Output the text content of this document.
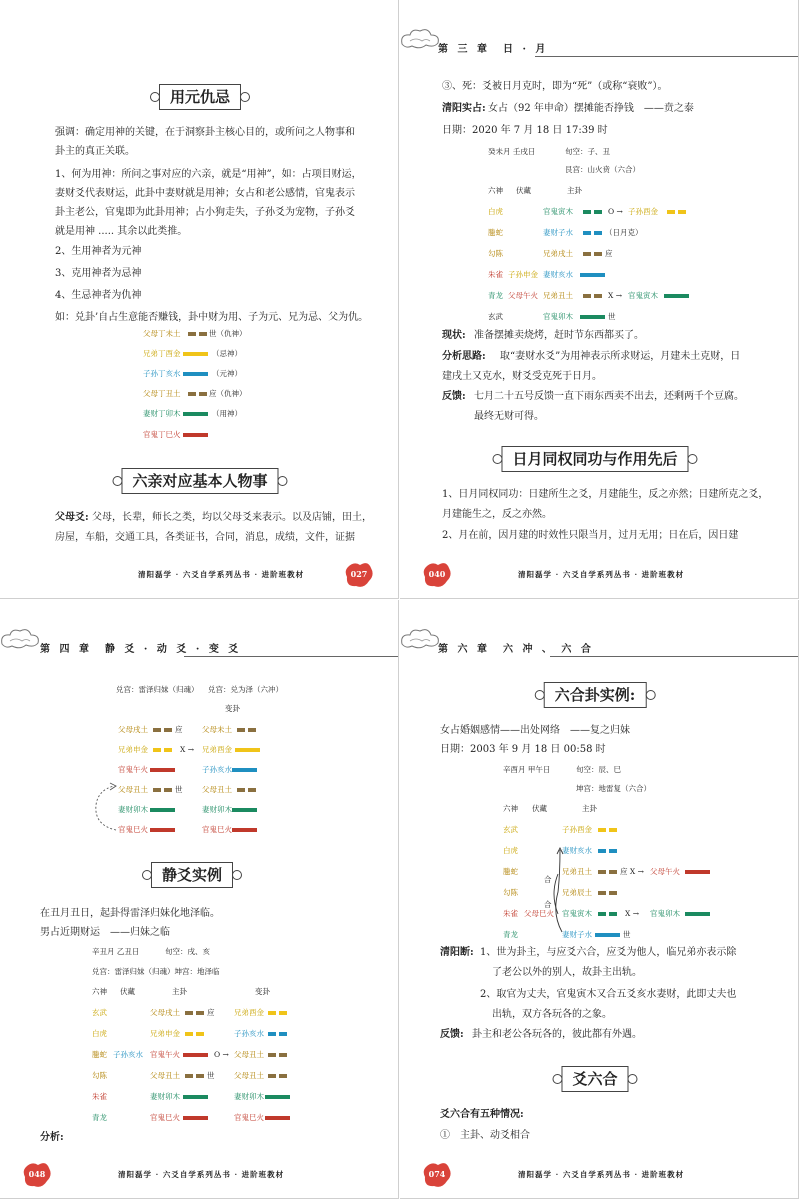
用元仇忌
强调：确定用神的关键，在于洞察卦主核心目的，或所问之人物事和
卦主的真正关联。
1、何为用神：所问之事对应的六亲，就是“用神”，如：占项目财运，
妻财爻代表财运，此卦中妻财就是用神；女占和老公感情，官鬼表示
卦主老公，官鬼即为此卦用神；占小狗走失，子孙爻为宠物，子孙爻
就是用神 ..... 其余以此类推。
2、生用神者为元神
3、克用神者为忌神
4、生忌神者为仇神
如：兑卦’自占生意能否赚钱，卦中财为用、子为元、兄为忌、父为仇。
父母丁未土	世（仇神）
兄弟丁酉金	（忌神）
子孙丁亥水	（元神）
父母丁丑土	应（仇神）
妻财丁卯木	（用神）
官鬼丁巳火
六亲对应基本人物事
父母爻: 父母，长辈，师长之类，均以父母爻来表示。以及店铺，田土，
房屋，车船，交通工具，各类证书，合同，消息，成绩，文件，证据
清阳磊学 · 六爻自学系列丛书 · 进阶班教材	027
第 三 章　日 · 月
③、死：爻被日月克时，即为“死”（或称“衰败”）。
清阳实占: 女占（92 年申命）摆摊能否挣钱　——贲之泰
日期：2020 年 7 月 18 日 17:39 时
癸未月 壬戌日	旬空：子、丑
艮宫：山火贲（六合）
六神 伏藏	主卦
白虎	官鬼寅木	O → 子孙酉金
螣蛇	妻财子水	（日月克）
勾陈	兄弟戌土	应
朱雀 子孙申金 妻财亥水
青龙 父母午火 兄弟丑土	X → 官鬼寅木
玄武	官鬼卯木	世
现状: 准备摆摊卖烧烤，赶时节东西都买了。
分析思路: 取“妻财水爻”为用神表示所求财运，月建未土克财，日
建戌土又克水，财爻受克死于日月。
反馈: 七月二十五号反馈一直下雨东西卖不出去，还剩两千个豆腐。
最终无财可得。
日月同权同功与作用先后
1、日月同权同功：日建所生之爻，月建能生，反之亦然；日建所克之爻，
月建能生之，反之亦然。
2、月在前，因月建的时效性只限当月，过月无用；日在后，因日建
040	清阳磊学 · 六爻自学系列丛书 · 进阶班教材
第 四 章　静 爻 · 动 爻 · 变 爻
兑宫：雷泽归妹（归魂） 兑宫：兑为泽（六冲）
变卦
父母戌土	应	父母未土
兄弟申金	X → 兄弟酉金
官鬼午火	子孙亥水
父母丑土	世	父母丑土
妻财卯木	妻财卯木
官鬼巳火	官鬼巳火
静爻实例
在丑月丑日，起卦得雷泽归妹化地泽临。
男占近期财运　——归妹之临
辛丑月 乙丑日	旬空：戌、亥
兑宫：雷泽归妹（归魂）坤宫：地泽临
六神 伏藏	主卦	变卦
玄武	父母戌土	应	兄弟酉金
白虎	兄弟申金	子孙亥水
螣蛇 子孙亥水 官鬼午火	O → 父母丑土
勾陈	父母丑土	世	父母丑土
朱雀	妻财卯木	妻财卯木
青龙	官鬼巳火	官鬼巳火
分析:
048	清阳磊学 · 六爻自学系列丛书 · 进阶班教材
第 六 章　六 冲 、 六 合
六合卦实例:
女占婚姻感情——出处网络　——复之归妹
日期：2003 年 9 月 18 日 00:58 时
辛酉月 甲午日	旬空：辰、巳
坤宫：地雷复（六合）
六神 伏藏	主卦
玄武	子孙酉金
白虎	妻财亥水
螣蛇	兄弟丑土	应 X → 父母午火
勾陈	兄弟辰土
朱雀 父母巳火 官鬼寅木	X → 官鬼卯木
青龙	妻财子水	世
合
合
清阳断: 1、世为卦主，与应爻六合，应爻为他人，临兄弟亦表示除
了老公以外的别人，故卦主出轨。
2、取官为丈夫，官鬼寅木又合五爻亥水妻财，此即丈夫也
出轨，双方各玩各的之象。
反馈: 卦主和老公各玩各的，彼此都有外遇。
爻六合
爻六合有五种情况:
①　主卦、动爻相合
074	清阳磊学 · 六爻自学系列丛书 · 进阶班教材
